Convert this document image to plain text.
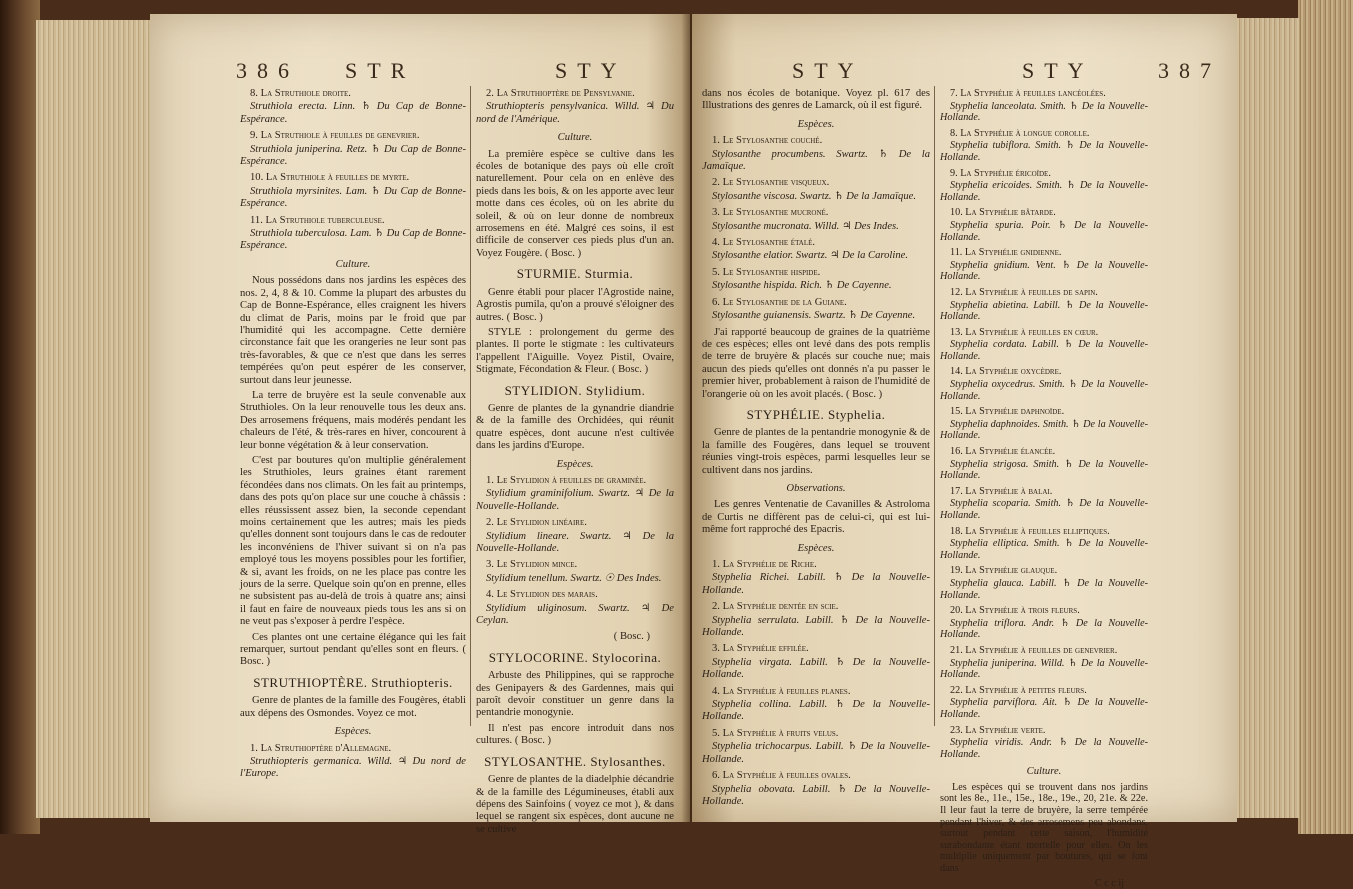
386 STR	STY
8. La Struthiole droite.
Struthiola erecta. Linn. ♄ Du Cap de Bonne-Espérance.
9. La Struthiole à feuilles de genevrier.
Struthiola juniperina. Retz. ♄ Du Cap de Bonne-Espérance.
10. La Struthiole à feuilles de myrte.
Struthiola myrsinites. Lam. ♄ Du Cap de Bonne-Espérance.
11. La Struthiole tuberculeuse.
Struthiola tuberculosa. Lam. ♄ Du Cap de Bonne-Espérance.
Culture.

Nous possédons dans nos jardins les espèces des nos. 2, 4, 8 & 10. Comme la plupart des arbustes du Cap de Bonne-Espérance, elles craignent les hivers du climat de Paris, moins par le froid que par l'humidité qui les accompagne. Cette dernière circonstance fait que les orangeries ne leur sont pas très-favorables, & que ce n'est que dans les serres tempérées qu'on peut espérer de les conserver, surtout dans leur jeunesse.

La terre de bruyère est la seule convenable aux Struthioles. On la leur renouvelle tous les deux ans. Des arrosemens fréquens, mais modérés pendant les chaleurs de l'été, & très-rares en hiver, concourent à leur bonne végétation & à leur conservation.

C'est par boutures qu'on multiplie généralement les Struthioles, leurs graines étant rarement fécondées dans nos climats. On les fait au printemps, dans des pots qu'on place sur une couche à châssis : elles réussissent assez bien, la seconde cependant moins certainement que les autres; mais les pieds qu'elles donnent sont toujours dans le cas de redouter les inconvéniens de l'hiver suivant si on n'a pas employé tous les moyens possibles pour les fortifier, & si, avant les froids, on ne les place pas contre les jours de la serre. Quelque soin qu'on en prenne, elles ne subsistent pas au-delà de trois à quatre ans; ainsi il faut en faire de nouveaux pieds tous les ans si on ne veut pas s'exposer à perdre l'espèce.

Ces plantes ont une certaine élégance qui les fait remarquer, surtout pendant qu'elles sont en fleurs. ( Bosc. )

STRUTHIOPTÈRE. Struthiopteris.

Genre de plantes de la famille des Fougères, établi aux dépens des Osmondes. Voyez ce mot.

Espèces.
1. La Struthioptère d'Allemagne.
Struthiopteris germanica. Willd. ♃ Du nord de l'Europe.
2. La Struthioptère de Pensylvanie.
Struthiopteris pensylvanica. Willd. ♃ Du nord de l'Amérique.
Culture.

La première espèce se cultive dans les écoles de botanique des pays où elle croît naturellement. Pour cela on en enlève des pieds dans les bois, & on les apporte avec leur motte dans ces écoles, où on les abrite du soleil, & où on leur donne de nombreux arrosemens en été. Malgré ces soins, il est difficile de conserver ces pieds plus d'un an. Voyez Fougère. ( Bosc. )

STURMIE. Sturmia.

Genre établi pour placer l'Agrostide naine, Agrostis pumila, qu'on a prouvé s'éloigner des autres. ( Bosc. )

STYLE : prolongement du germe des plantes. Il porte le stigmate : les cultivateurs l'appellent l'Aiguille. Voyez Pistil, Ovaire, Stigmate, Fécondation & Fleur. ( Bosc. )

STYLIDION. Stylidium.

Genre de plantes de la gynandrie diandrie & de la famille des Orchidées, qui réunit quatre espèces, dont aucune n'est cultivée dans les jardins d'Europe.

Espèces.
1. Le Stylidion à feuilles de graminée.
Stylidium graminifolium. Swartz. ♃ De la Nouvelle-Hollande.
2. Le Stylidion linéaire.
Stylidium lineare. Swartz. ♃ De la Nouvelle-Hollande.
3. Le Stylidion mince.
Stylidium tenellum. Swartz. ☉ Des Indes.
4. Le Stylidion des marais.
Stylidium uliginosum. Swartz. ♃ De Ceylan.
( Bosc. )
STYLOCORINE. Stylocorina.

Arbuste des Philippines, qui se rapproche des Genipayers & des Gardennes, mais qui paroît devoir constituer un genre dans la pentandrie monogynie.

Il n'est pas encore introduit dans nos cultures. ( Bosc. )

STYLOSANTHE. Stylosanthes.

Genre de plantes de la diadelphie décandrie & de la famille des Légumineuses, établi aux dépens des Sainfoins ( voyez ce mot ), & dans lequel se rangent six espèces, dont aucune ne se cultive

STY	STY	387

dans nos écoles de botanique. Voyez pl. 617 des Illustrations des genres de Lamarck, où il est figuré.

Espèces.
1. Le Stylosanthe couché.
Stylosanthe procumbens. Swartz. ♄ De la Jamaïque.
2. Le Stylosanthe visqueux.
Stylosanthe viscosa. Swartz. ♄ De la Jamaïque.
3. Le Stylosanthe mucroné.
Stylosanthe mucronata. Willd. ♃ Des Indes.
4. Le Stylosanthe étalé.
Stylosanthe elatior. Swartz. ♃ De la Caroline.
5. Le Stylosanthe hispide.
Stylosanthe hispida. Rich. ♄ De Cayenne.
6. Le Stylosanthe de la Guiane.
Stylosanthe guianensis. Swartz. ♄ De Cayenne.

J'ai rapporté beaucoup de graines de la quatrième de ces espèces; elles ont levé dans des pots remplis de terre de bruyère & placés sur couche nue; mais aucun des pieds qu'elles ont donnés n'a pu passer le premier hiver, probablement à raison de l'humidité de l'orangerie où on les avoit placés. ( Bosc. )

STYPHÉLIE. Styphelia.

Genre de plantes de la pentandrie monogynie & de la famille des Fougères, dans lequel se trouvent réunies vingt-trois espèces, parmi lesquelles leur se cultivent dans nos jardins.

Observations.

Les genres Ventenatie de Cavanilles & Astroloma de Curtis ne diffèrent pas de celui-ci, qui est lui-même fort rapproché des Epacris.

Espèces.
1. La Styphélie de Riche.
Styphelia Richei. Labill. ♄ De la Nouvelle-Hollande.
2. La Styphélie dentée en scie.
Styphelia serrulata. Labill. ♄ De la Nouvelle-Hollande.
3. La Styphélie effilée.
Styphelia virgata. Labill. ♄ De la Nouvelle-Hollande.
4. La Styphélie à feuilles planes.
Styphelia collina. Labill. ♄ De la Nouvelle-Hollande.
5. La Styphélie à fruits velus.
Styphelia trichocarpus. Labill. ♄ De la Nouvelle-Hollande.
6. La Styphélie à feuilles ovales.
Styphelia obovata. Labill. ♄ De la Nouvelle-Hollande.
7. La Styphélie à feuilles lancéolées.
Styphelia lanceolata. Smith. ♄ De la Nouvelle-Hollande.
8. La Styphélie à longue corolle.
Styphelia tubiflora. Smith. ♄ De la Nouvelle-Hollande.
9. La Styphélie éricoïde.
Styphelia ericoides. Smith. ♄ De la Nouvelle-Hollande.
10. La Styphélie bâtarde.
Styphelia spuria. Poir. ♄ De la Nouvelle-Hollande.
11. La Styphélie gnidienne.
Styphelia gnidium. Vent. ♄ De la Nouvelle-Hollande.
12. La Styphélie à feuilles de sapin.
Styphelia abietina. Labill. ♄ De la Nouvelle-Hollande.
13. La Styphélie à feuilles en cœur.
Styphelia cordata. Labill. ♄ De la Nouvelle-Hollande.
14. La Styphélie oxycèdre.
Styphelia oxycedrus. Smith. ♄ De la Nouvelle-Hollande.
15. La Styphélie daphnoïde.
Styphelia daphnoides. Smith. ♄ De la Nouvelle-Hollande.
16. La Styphélie élancée.
Styphelia strigosa. Smith. ♄ De la Nouvelle-Hollande.
17. La Styphélie à balai.
Styphelia scoparia. Smith. ♄ De la Nouvelle-Hollande.
18. La Styphélie à feuilles elliptiques.
Styphelia elliptica. Smith. ♄ De la Nouvelle-Hollande.
19. La Styphélie glauque.
Styphelia glauca. Labill. ♄ De la Nouvelle-Hollande.
20. La Styphélie à trois fleurs.
Styphelia triflora. Andr. ♄ De la Nouvelle-Hollande.
21. La Styphélie à feuilles de genevrier.
Styphelia juniperina. Willd. ♄ De la Nouvelle-Hollande.
22. La Styphélie à petites fleurs.
Styphelia parviflora. Ait. ♄ De la Nouvelle-Hollande.
23. La Styphélie verte.
Styphelia viridis. Andr. ♄ De la Nouvelle-Hollande.
Culture.

Les espèces qui se trouvent dans nos jardins sont les 8e., 11e., 15e., 18e., 19e., 20, 21e. & 22e. Il leur faut la terre de bruyère, la serre tempérée pendant l'hiver, & des arrosemens peu abondans, surtout pendant cette saison, l'humidité surabondante étant mortelle pour elles. On les multiplie uniquement par boutures, qui se font dans

C c c ij
